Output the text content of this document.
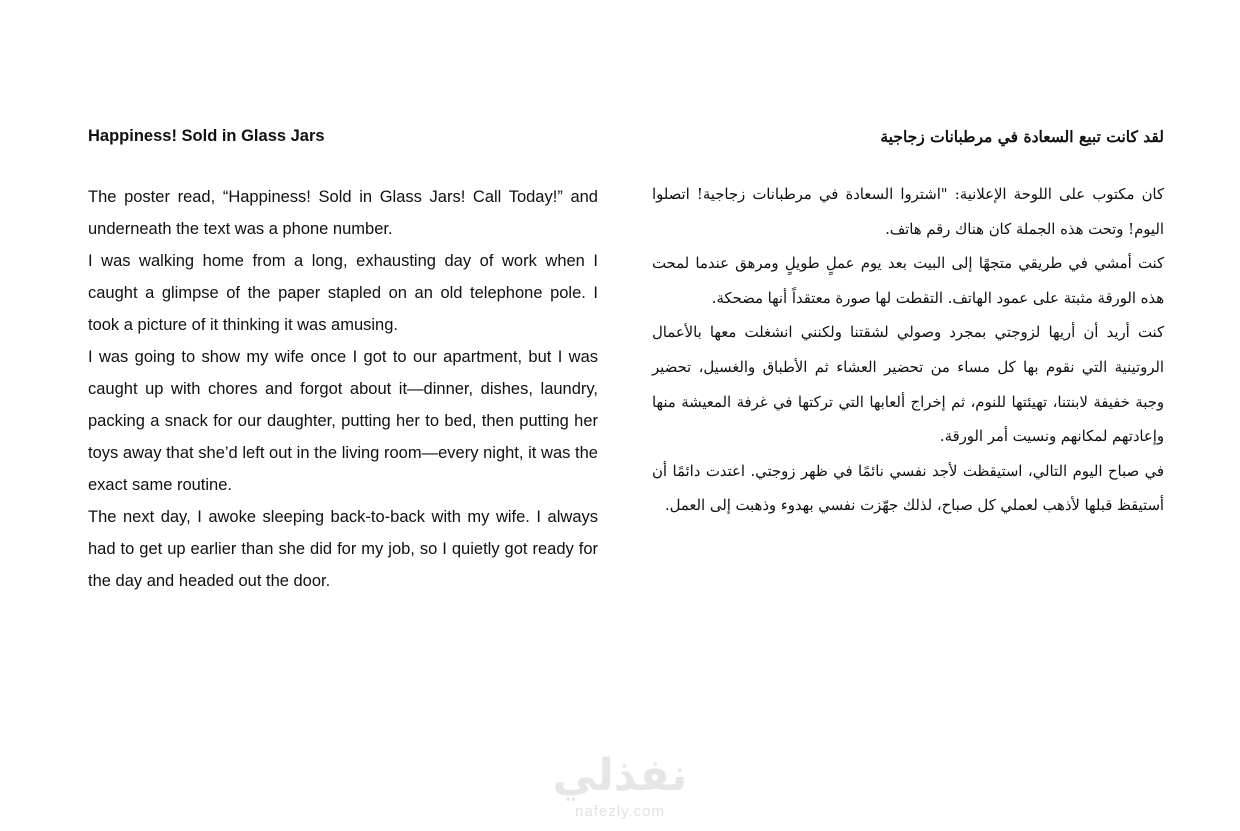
Happiness! Sold in Glass Jars

The poster read, “Happiness! Sold in Glass Jars! Call Today!” and underneath the text was a phone number.

I was walking home from a long, exhausting day of work when I caught a glimpse of the paper stapled on an old telephone pole. I took a picture of it thinking it was amusing.

I was going to show my wife once I got to our apartment, but I was caught up with chores and forgot about it—dinner, dishes, laundry, packing a snack for our daughter, putting her to bed, then putting her toys away that she’d left out in the living room—every night, it was the exact same routine.

The next day, I awoke sleeping back-to-back with my wife. I always had to get up earlier than she did for my job, so I quietly got ready for the day and headed out the door.

لقد كانت تبيع السعادة في مرطبانات زجاجية

كان مكتوب على اللوحة الإعلانية: "اشتروا السعادة في مرطبانات زجاجية! اتصلوا اليوم! وتحت هذه الجملة كان هناك رقم هاتف.

كنت أمشي في طريقي متجهًا إلى البيت بعد يوم عملٍ طويلٍ ومرهق عندما لمحت هذه الورقة مثبتة على عمود الهاتف. التقطت لها صورة معتقداً أنها مضحكة.

كنت أريد أن أريها لزوجتي بمجرد وصولي لشقتنا ولكنني انشغلت معها بالأعمال الروتينية التي نقوم بها كل مساء من تحضير العشاء ثم الأطباق والغسيل، تحضير وجبة خفيفة لابنتنا، تهيئتها للنوم، ثم إخراج ألعابها التي تركتها في غرفة المعيشة منها وإعادتهم لمكانهم ونسيت أمر الورقة.

في صباح اليوم التالي، استيقظت لأجد نفسي نائمًا في ظهر زوجتي. اعتدت دائمًا أن أستيقظ قبلها لأذهب لعملي كل صباح، لذلك جهّزت نفسي بهدوء وذهبت إلى العمل.

نفذلي
nafezly.com
